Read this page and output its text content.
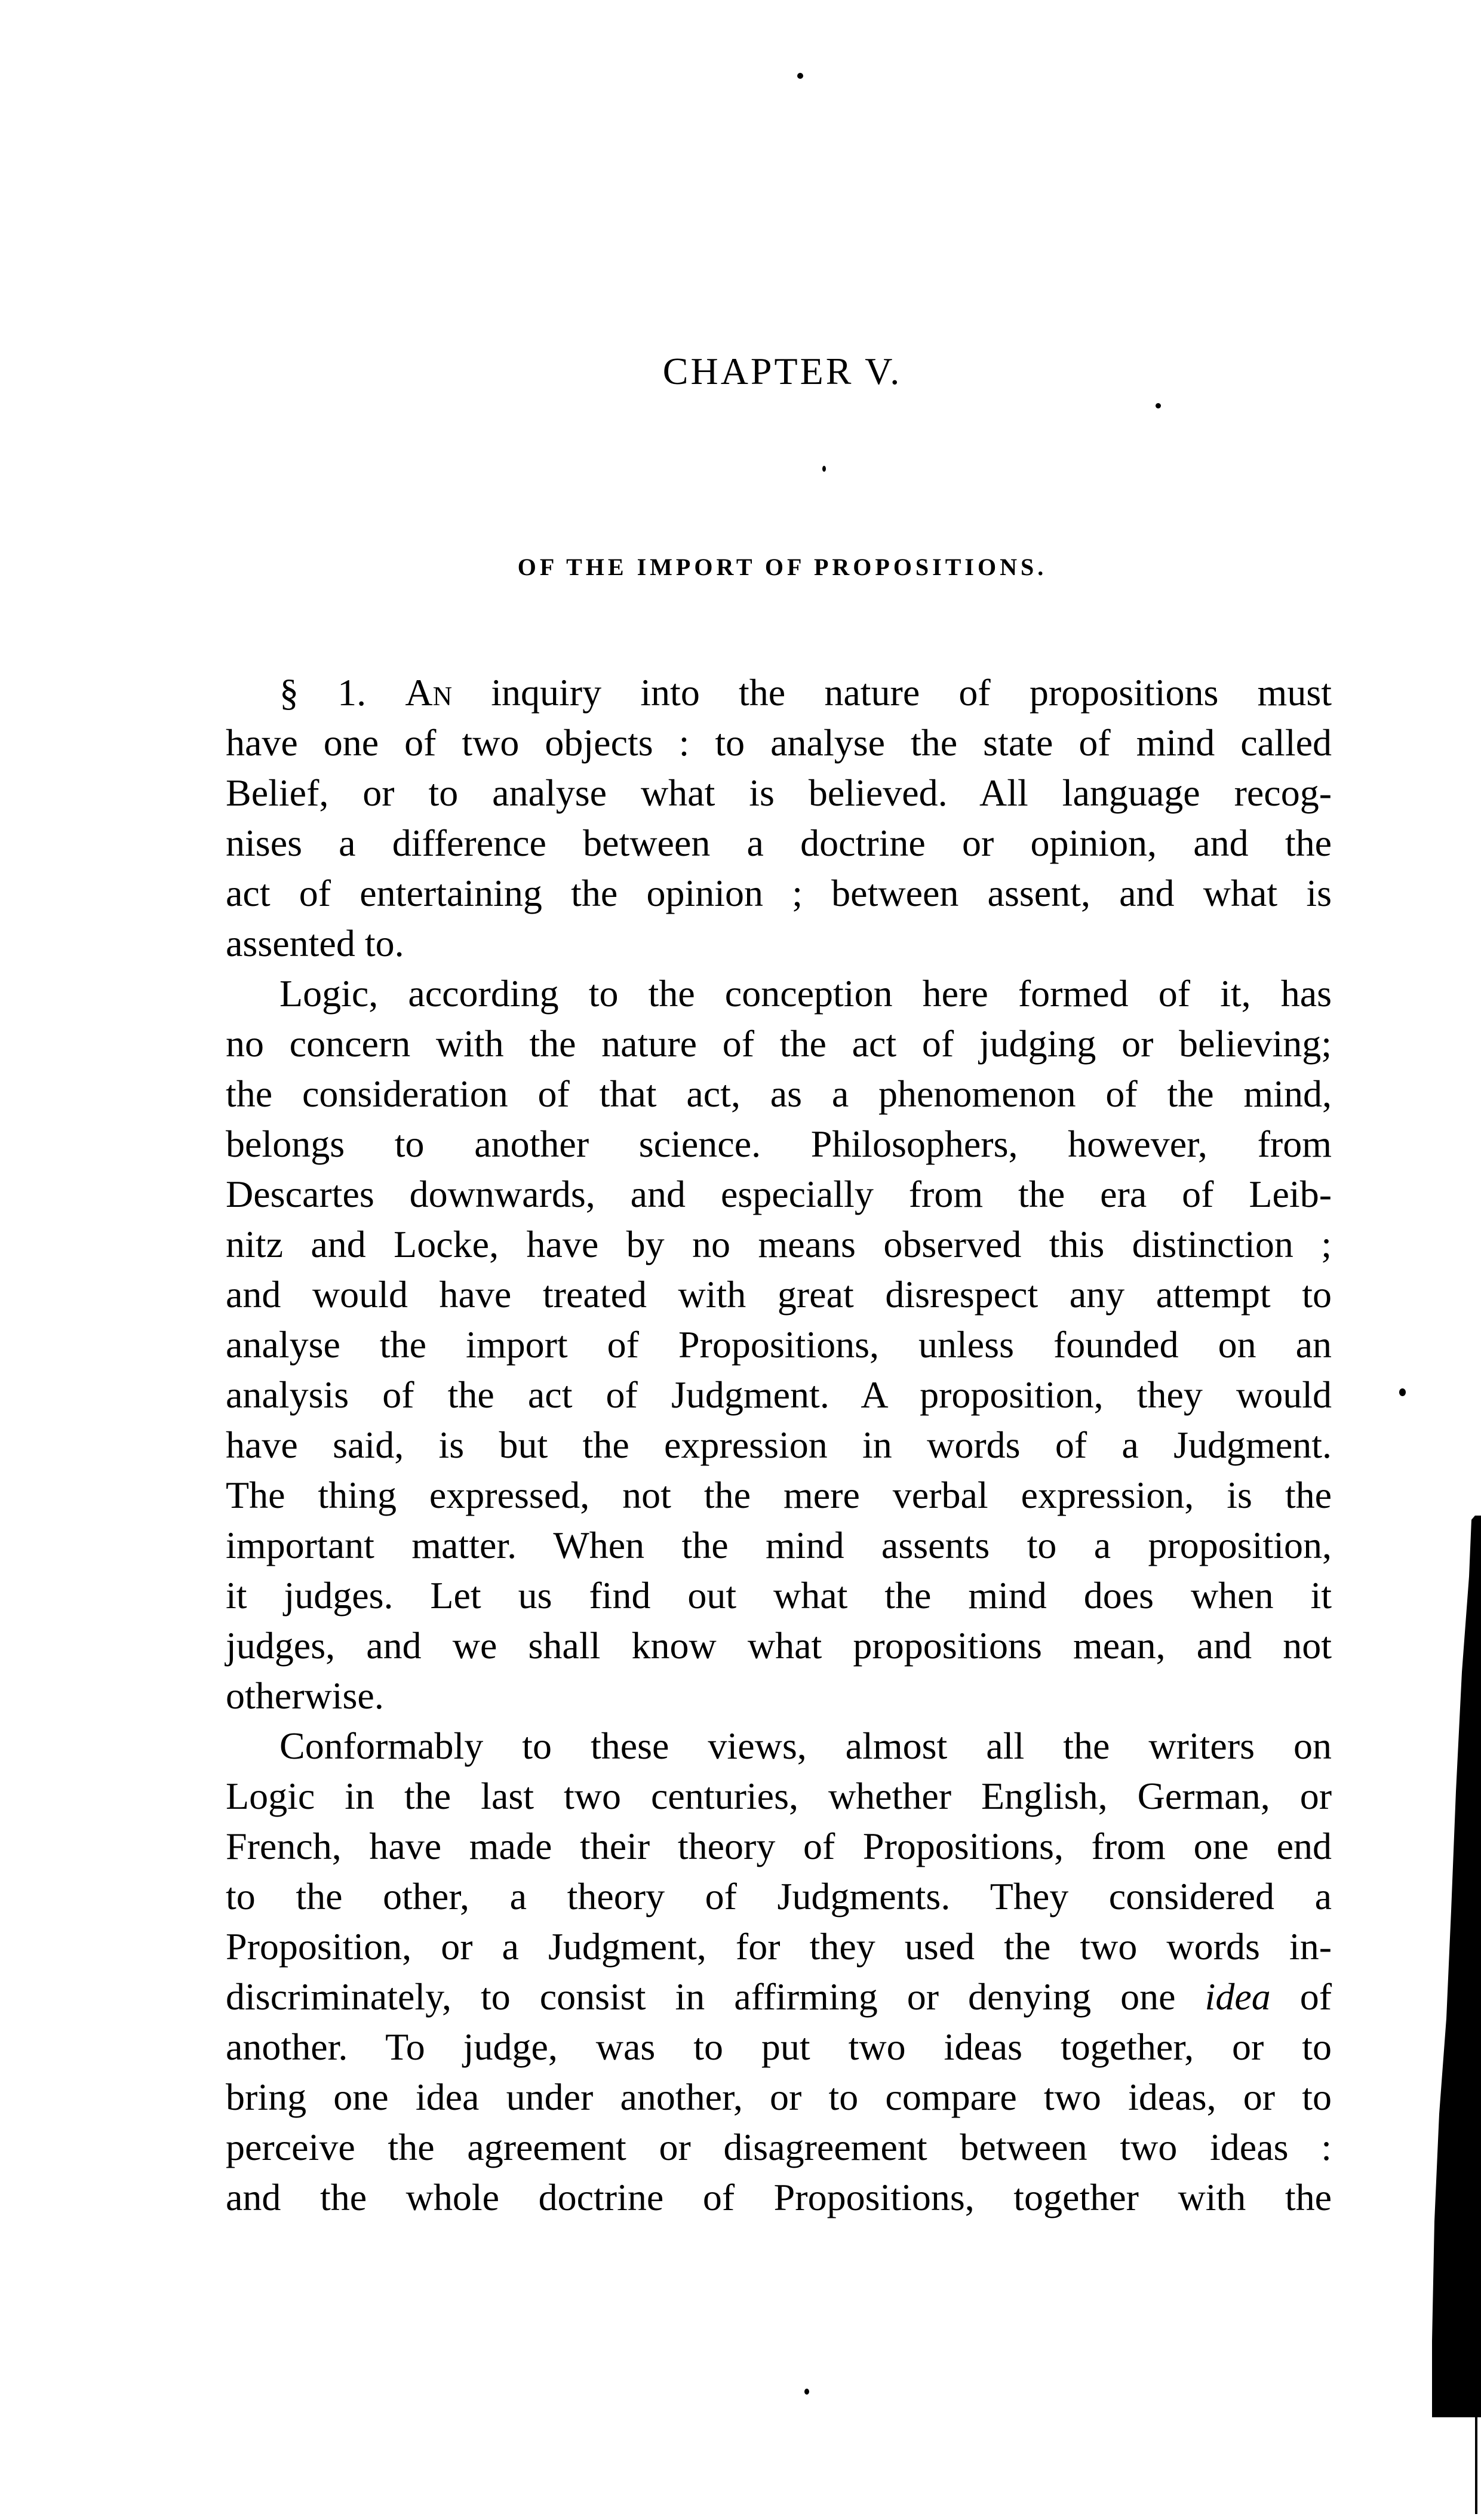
CHAPTER V.
OF THE IMPORT OF PROPOSITIONS.
§ 1. An inquiry into the nature of propositions must
have one of two objects : to analyse the state of mind called
Belief, or to analyse what is believed. All language recog-
nises a difference between a doctrine or opinion, and the
act of entertaining the opinion ; between assent, and what is
assented to.
Logic, according to the conception here formed of it, has
no concern with the nature of the act of judging or believing;
the consideration of that act, as a phenomenon of the mind,
belongs to another science. Philosophers, however, from
Descartes downwards, and especially from the era of Leib-
nitz and Locke, have by no means observed this distinction ;
and would have treated with great disrespect any attempt to
analyse the import of Propositions, unless founded on an
analysis of the act of Judgment. A proposition, they would
have said, is but the expression in words of a Judgment.
The thing expressed, not the mere verbal expression, is the
important matter. When the mind assents to a proposition,
it judges. Let us find out what the mind does when it
judges, and we shall know what propositions mean, and not
otherwise.
Conformably to these views, almost all the writers on
Logic in the last two centuries, whether English, German, or
French, have made their theory of Propositions, from one end
to the other, a theory of Judgments. They considered a
Proposition, or a Judgment, for they used the two words in-
discriminately, to consist in affirming or denying one idea of
another. To judge, was to put two ideas together, or to
bring one idea under another, or to compare two ideas, or to
perceive the agreement or disagreement between two ideas :
and the whole doctrine of Propositions, together with the
